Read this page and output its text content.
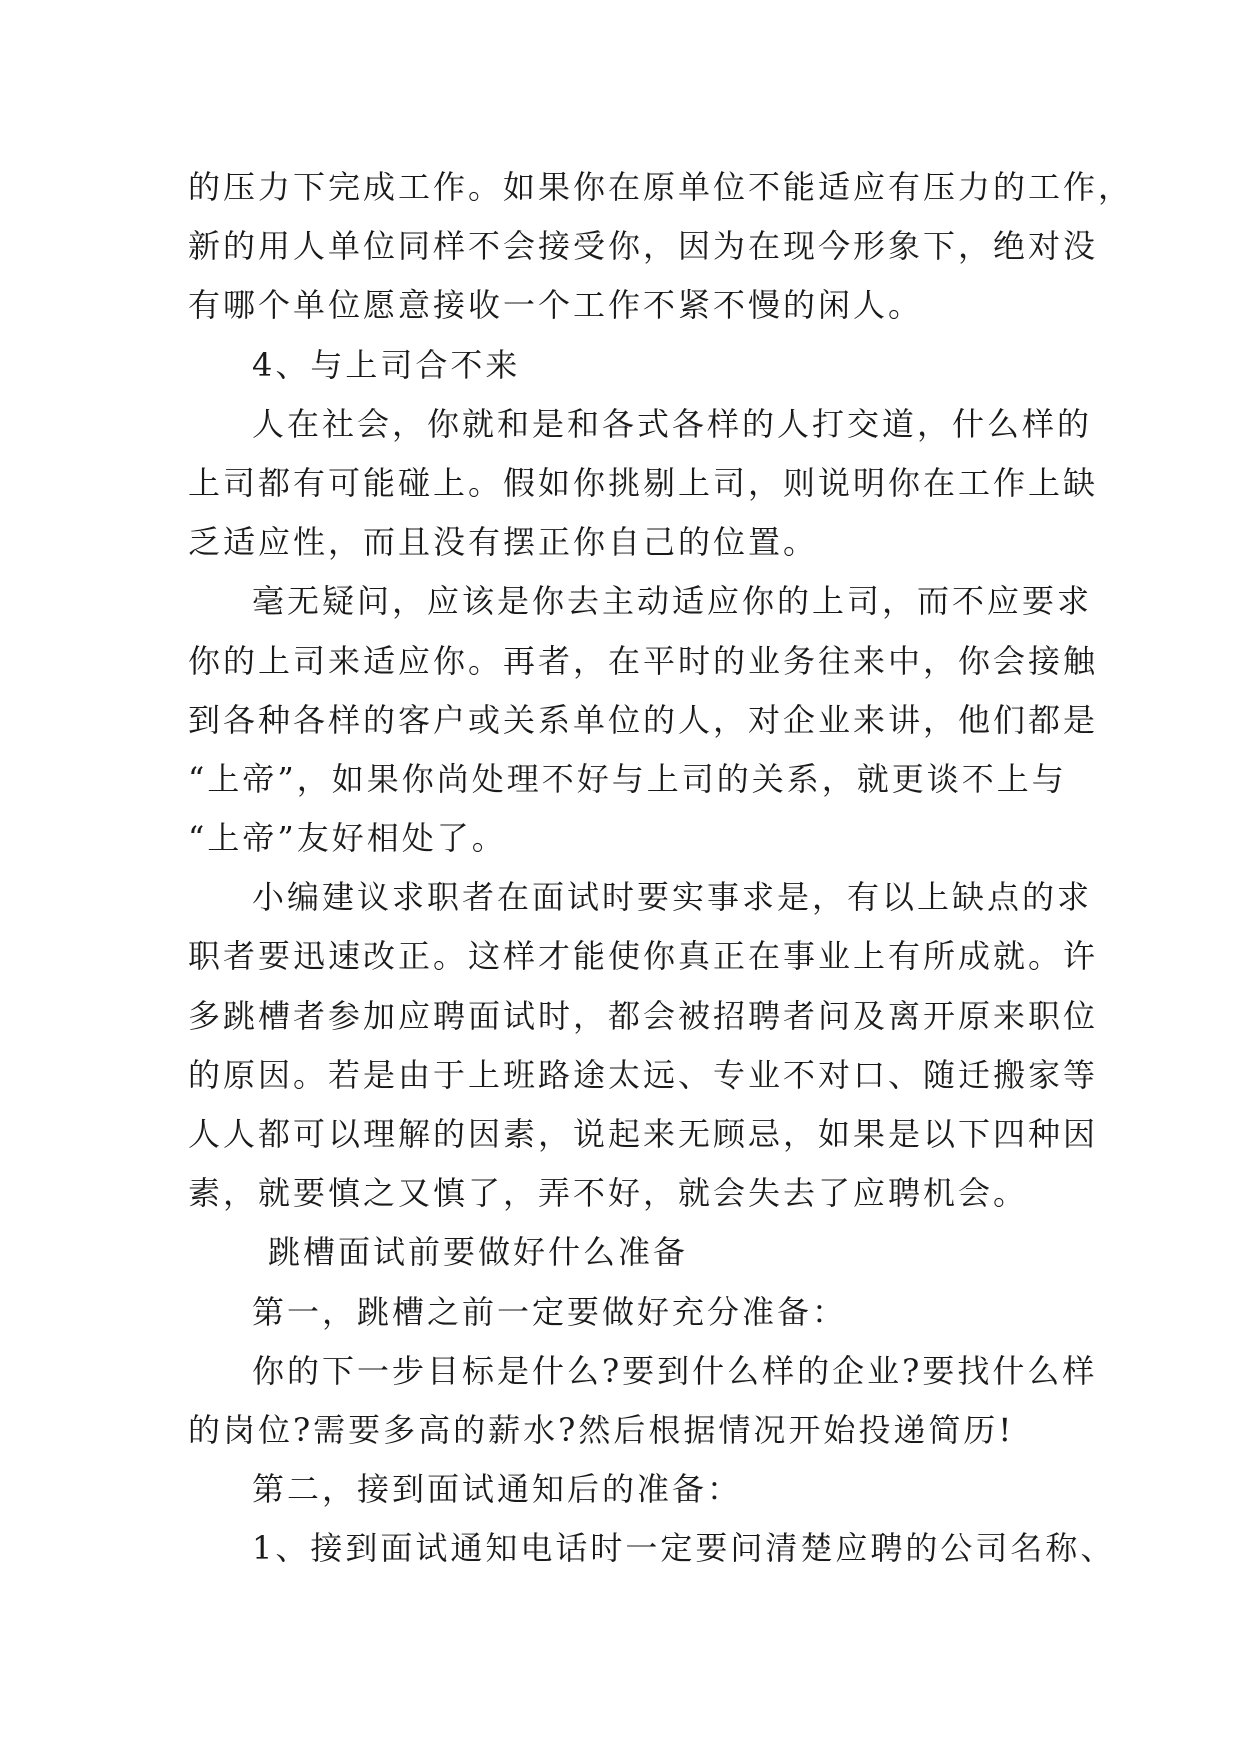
的压力下完成工作。如果你在原单位不能适应有压力的工作，
新的用人单位同样不会接受你，因为在现今形象下，绝对没
有哪个单位愿意接收一个工作不紧不慢的闲人。
4、与上司合不来
人在社会，你就和是和各式各样的人打交道，什么样的
上司都有可能碰上。假如你挑剔上司，则说明你在工作上缺
乏适应性，而且没有摆正你自己的位置。
毫无疑问，应该是你去主动适应你的上司，而不应要求
你的上司来适应你。再者，在平时的业务往来中，你会接触
到各种各样的客户或关系单位的人，对企业来讲，他们都是
“上帝”，如果你尚处理不好与上司的关系，就更谈不上与
“上帝”友好相处了。
小编建议求职者在面试时要实事求是，有以上缺点的求
职者要迅速改正。这样才能使你真正在事业上有所成就。许
多跳槽者参加应聘面试时，都会被招聘者问及离开原来职位
的原因。若是由于上班路途太远、专业不对口、随迁搬家等
人人都可以理解的因素，说起来无顾忌，如果是以下四种因
素，就要慎之又慎了，弄不好，就会失去了应聘机会。
跳槽面试前要做好什么准备
第一，跳槽之前一定要做好充分准备：
你的下一步目标是什么?要到什么样的企业?要找什么样
的岗位?需要多高的薪水?然后根据情况开始投递简历!
第二，接到面试通知后的准备：
1、接到面试通知电话时一定要问清楚应聘的公司名称、
